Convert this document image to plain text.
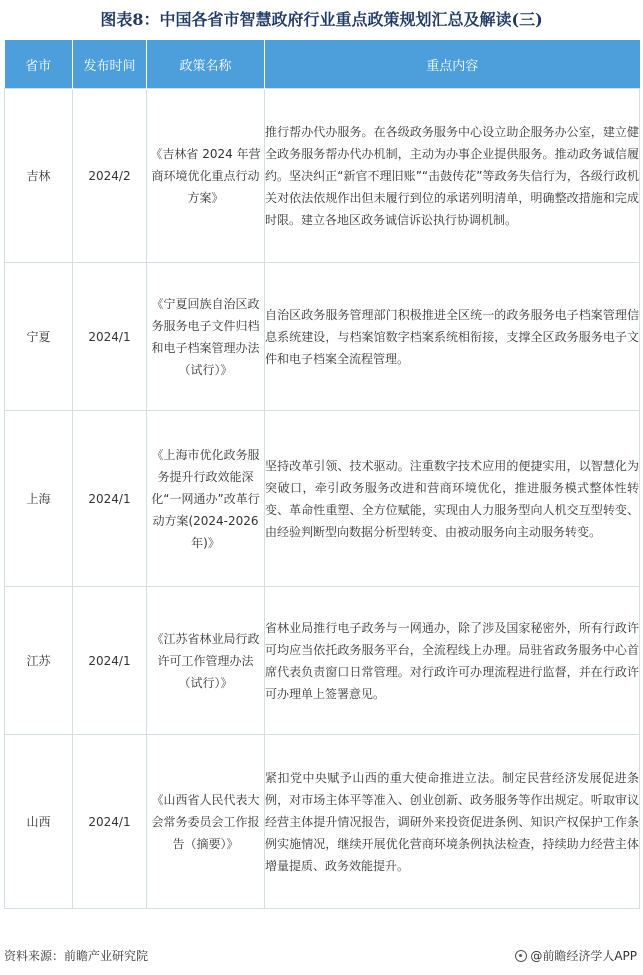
图表8：中国各省市智慧政府行业重点政策规划汇总及解读(三)
省市	发布时间	政策名称	重点内容
吉林	2024/2	《吉林省 2024 年营商环境优化重点行动方案》	推行帮办代办服务。在各级政务服务中心设立助企服务办公室，建立健全政务服务帮办代办机制，主动为办事企业提供服务。推动政务诚信履约。坚决纠正“新官不理旧账”“击鼓传花”等政务失信行为，各级行政机关对依法依规作出但未履行到位的承诺列明清单，明确整改措施和完成时限。建立各地区政务诚信诉讼执行协调机制。
宁夏	2024/1	《宁夏回族自治区政务服务电子文件归档和电子档案管理办法（试行）》	自治区政务服务管理部门积极推进全区统一的政务服务电子档案管理信息系统建设，与档案馆数字档案系统相衔接，支撑全区政务服务电子文件和电子档案全流程管理。
上海	2024/1	《上海市优化政务服务提升行政效能深化“一网通办”改革行动方案(2024-2026 年)》	坚持改革引领、技术驱动。注重数字技术应用的便捷实用，以智慧化为突破口，牵引政务服务改进和营商环境优化，推进服务模式整体性转变、革命性重塑、全方位赋能，实现由人力服务型向人机交互型转变、由经验判断型向数据分析型转变、由被动服务向主动服务转变。
江苏	2024/1	《江苏省林业局行政许可工作管理办法（试行）》	省林业局推行电子政务与一网通办，除了涉及国家秘密外，所有行政许可均应当依托政务服务平台，全流程线上办理。局驻省政务服务中心首席代表负责窗口日常管理。对行政许可办理流程进行监督，并在行政许可办理单上签署意见。
山西	2024/1	《山西省人民代表大会常务委员会工作报告（摘要）》	紧扣党中央赋予山西的重大使命推进立法。制定民营经济发展促进条例，对市场主体平等准入、创业创新、政务服务等作出规定。听取审议经营主体提升情况报告，调研外来投资促进条例、知识产权保护工作条例实施情况，继续开展优化营商环境条例执法检查，持续助力经营主体增量提质、政务效能提升。
资料来源：前瞻产业研究院	@前瞻经济学人APP
